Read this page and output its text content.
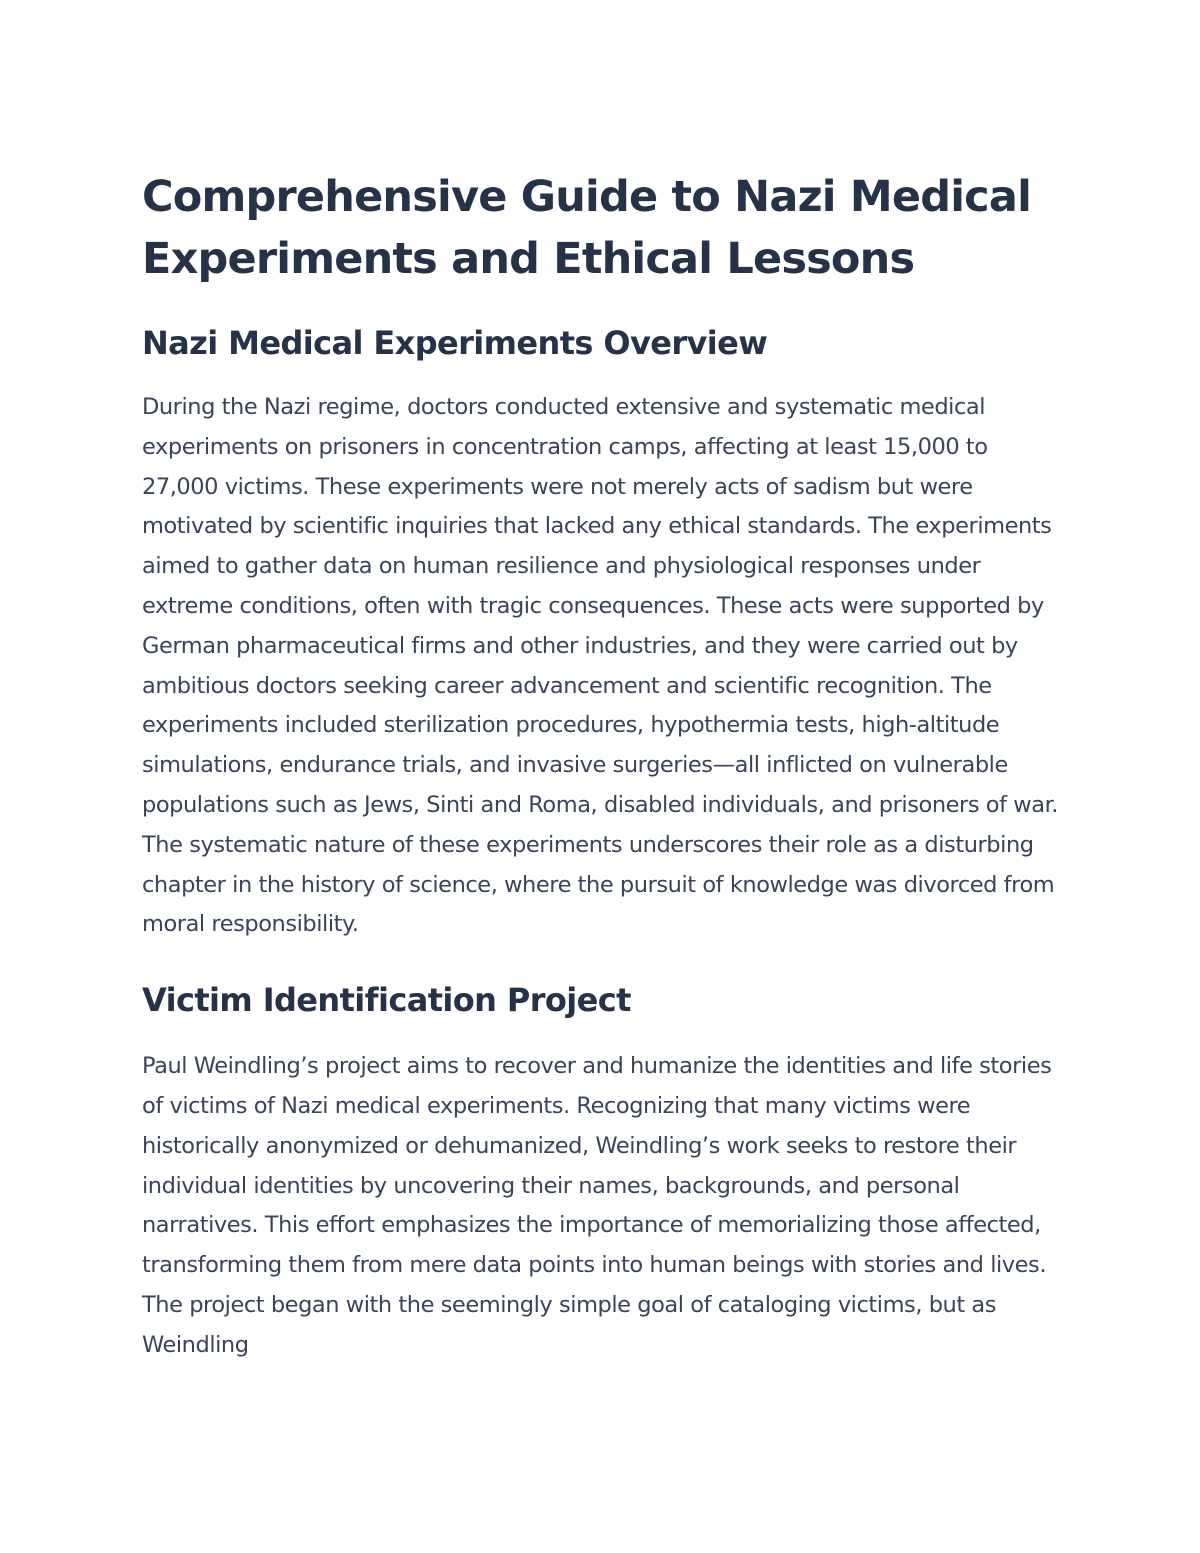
Comprehensive Guide to Nazi Medical Experiments and Ethical Lessons
Nazi Medical Experiments Overview

During the Nazi regime, doctors conducted extensive and systematic medical experiments on prisoners in concentration camps, affecting at least 15,000 to 27,000 victims. These experiments were not merely acts of sadism but were motivated by scientific inquiries that lacked any ethical standards. The experiments aimed to gather data on human resilience and physiological responses under extreme conditions, often with tragic consequences. These acts were supported by German pharmaceutical firms and other industries, and they were carried out by ambitious doctors seeking career advancement and scientific recognition. The experiments included sterilization procedures, hypothermia tests, high-altitude simulations, endurance trials, and invasive surgeries—all inflicted on vulnerable populations such as Jews, Sinti and Roma, disabled individuals, and prisoners of war. The systematic nature of these experiments underscores their role as a disturbing chapter in the history of science, where the pursuit of knowledge was divorced from moral responsibility.

Victim Identification Project

Paul Weindling’s project aims to recover and humanize the identities and life stories of victims of Nazi medical experiments. Recognizing that many victims were historically anonymized or dehumanized, Weindling’s work seeks to restore their individual identities by uncovering their names, backgrounds, and personal narratives. This effort emphasizes the importance of memorializing those affected, transforming them from mere data points into human beings with stories and lives. The project began with the seemingly simple goal of cataloging victims, but as Weindling
